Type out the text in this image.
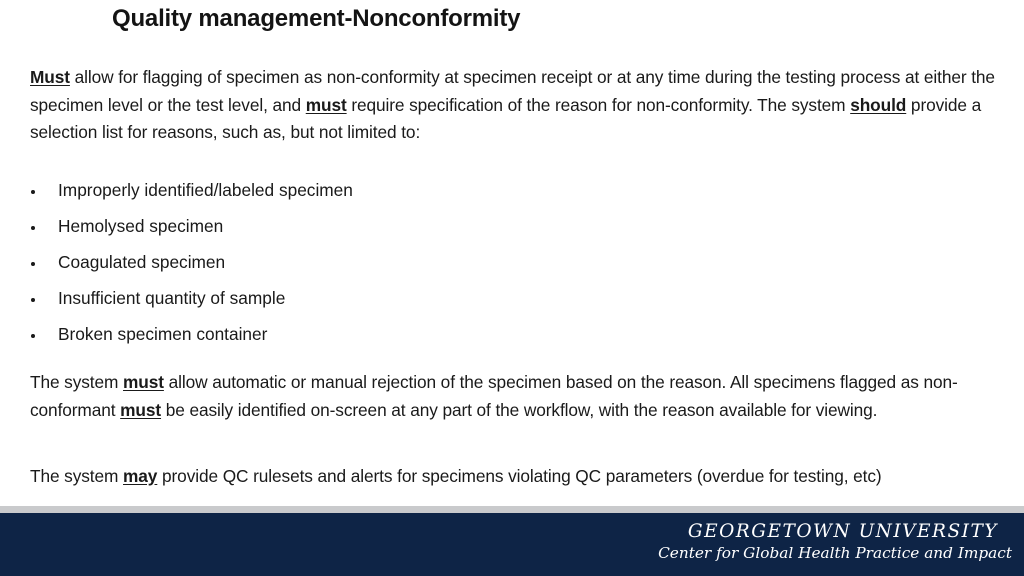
Quality management-Nonconformity

Must allow for flagging of specimen as non-conformity at specimen receipt or at any time during the testing process at either the specimen level or the test level, and must require specification of the reason for non-conformity. The system should provide a selection list for reasons, such as, but not limited to:

Improperly identified/labeled specimen
Hemolysed specimen
Coagulated specimen
Insufficient quantity of sample
Broken specimen container

The system must allow automatic or manual rejection of the specimen based on the reason. All specimens flagged as non-conformant must be easily identified on-screen at any part of the workflow, with the reason available for viewing.

The system may provide QC rulesets and alerts for specimens violating QC parameters (overdue for testing, etc)

GEORGETOWN UNIVERSITY
Center for Global Health Practice and Impact
